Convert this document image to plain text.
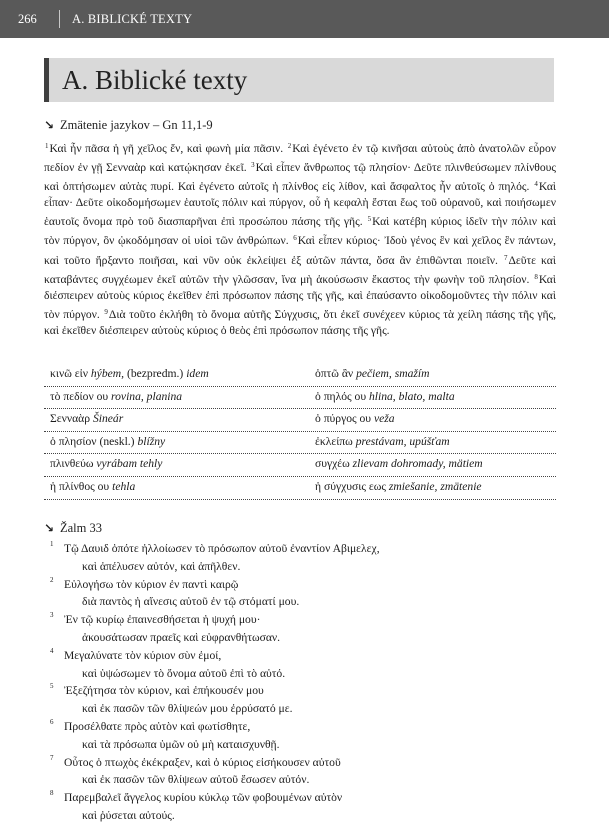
266	A. BIBLICKÉ TEXTY
A. Biblické texty
↘ Zmätenie jazykov – Gn 11,1-9
$^1$Καὶ ἦν πᾶσα ἡ γῆ χεῖλος ἕν, καὶ φωνὴ μία πᾶσιν. $^2$Καὶ ἐγένετο ἐν τῷ κινῆσαι αὐτοὺς ἀπὸ ἀνατολῶν εὗρον πεδίον ἐν γῇ Σενναὰρ καὶ κατῴκησαν ἐκεῖ. $^3$Καὶ εἶπεν ἄνθρωπος τῷ πλησίον· Δεῦτε πλινθεύσωμεν πλίνθους καὶ ὀπτήσωμεν αὐτὰς πυρί. Καὶ ἐγένετο αὐτοῖς ἡ πλίνθος εἰς λίθον, καὶ ἄσφαλτος ἦν αὐτοῖς ὁ πηλός. $^4$Καὶ εἶπαν· Δεῦτε οἰκοδομήσωμεν ἑαυτοῖς πόλιν καὶ πύργον, οὗ ἡ κεφαλὴ ἔσται ἕως τοῦ οὐρανοῦ, καὶ ποιήσωμεν ἑαυτοῖς ὄνομα πρὸ τοῦ διασπαρῆναι ἐπὶ προσώπου πάσης τῆς γῆς. $^5$Καὶ κατέβη κύριος ἰδεῖν τὴν πόλιν καὶ τὸν πύργον, ὃν ᾠκοδόμησαν οἱ υἱοὶ τῶν ἀνθρώπων. $^6$Καὶ εἶπεν κύριος· Ἰδοὺ γένος ἓν καὶ χεῖλος ἓν πάντων, καὶ τοῦτο ἤρξαντο ποιῆσαι, καὶ νῦν οὐκ ἐκλείψει ἐξ αὐτῶν πάντα, ὅσα ἂν ἐπιθῶνται ποιεῖν. $^7$Δεῦτε καὶ καταβάντες συγχέωμεν ἐκεῖ αὐτῶν τὴν γλῶσσαν, ἵνα μὴ ἀκούσωσιν ἕκαστος τὴν φωνὴν τοῦ πλησίον. $^8$Καὶ διέσπειρεν αὐτοὺς κύριος ἐκεῖθεν ἐπὶ πρόσωπον πάσης τῆς γῆς, καὶ ἐπαύσαντο οἰκοδομοῦντες τὴν πόλιν καὶ τὸν πύργον. $^9$Διὰ τοῦτο ἐκλήθη τὸ ὄνομα αὐτῆς Σύγχυσις, ὅτι ἐκεῖ συνέχεεν κύριος τὰ χείλη πάσης τῆς γῆς, καὶ ἐκεῖθεν διέσπειρεν αὐτοὺς κύριος ὁ θεὸς ἐπὶ πρόσωπον πάσης τῆς γῆς.
κινῶ εἰν hýbem, (bezpredm.) idem	ὀπτῶ ἂν pečiem, smažím
τὸ πεδίον ου rovina, planina	ὁ πηλός ου hlina, blato, malta
Σενναὰρ Šineár	ὁ πύργος ου veža
ὁ πλησίον (neskl.) blížny	ἐκλείπω prestávam, upúšťam
πλινθεύω vyrábam tehly	συγχέω zlievam dohromady, mätiem
ἡ πλίνθος ου tehla	ἡ σύγχυσις εως zmiešanie, zmätenie
↘ Žalm 33
1 Τῷ Δαυιδ ὁπότε ἠλλοίωσεν τὸ πρόσωπον αὐτοῦ ἐναντίον Αβιμελεχ,
καὶ ἀπέλυσεν αὐτόν, καὶ ἀπῆλθεν.
2 Εὐλογήσω τὸν κύριον ἐν παντὶ καιρῷ
διὰ παντὸς ἡ αἴνεσις αὐτοῦ ἐν τῷ στόματί μου.
3 Ἐν τῷ κυρίῳ ἐπαινεσθήσεται ἡ ψυχή μου·
ἀκουσάτωσαν πραεῖς καὶ εὐφρανθήτωσαν.
4 Μεγαλύνατε τὸν κύριον σὺν ἐμοί,
καὶ ὑψώσωμεν τὸ ὄνομα αὐτοῦ ἐπὶ τὸ αὐτό.
5 Ἐξεζήτησα τὸν κύριον, καὶ ἐπήκουσέν μου
καὶ ἐκ πασῶν τῶν θλίψεών μου ἐρρύσατό με.
6 Προσέλθατε πρὸς αὐτὸν καὶ φωτίσθητε,
καὶ τὰ πρόσωπα ὑμῶν οὐ μὴ καταισχυνθῇ.
7 Οὗτος ὁ πτωχὸς ἐκέκραξεν, καὶ ὁ κύριος εἰσήκουσεν αὐτοῦ
καὶ ἐκ πασῶν τῶν θλίψεων αὐτοῦ ἔσωσεν αὐτόν.
8 Παρεμβαλεῖ ἄγγελος κυρίου κύκλῳ τῶν φοβουμένων αὐτὸν
καὶ ῥύσεται αὐτούς.
